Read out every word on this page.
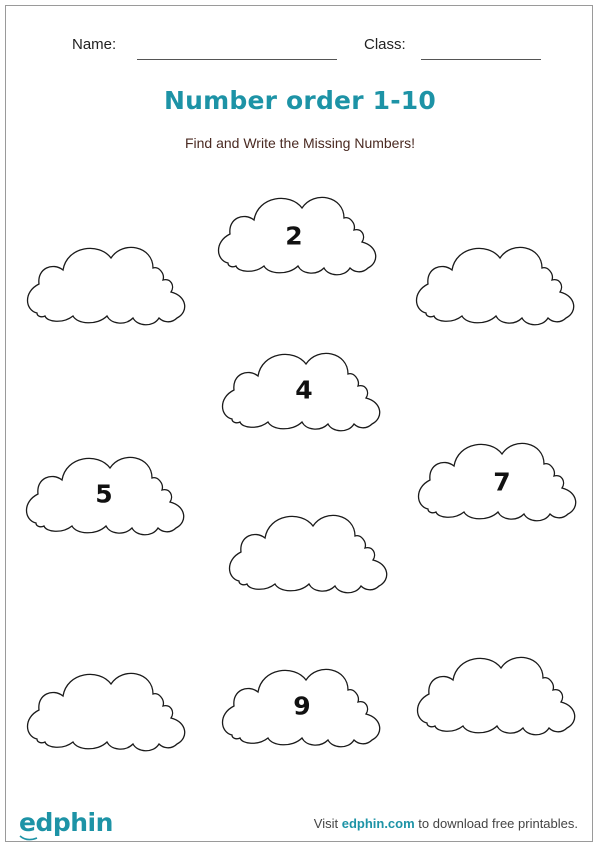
Name:	Class:
Number order 1-10
Find and Write the Missing Numbers!
2
4
5	7
9
edphin	Visit edphin.com to download free printables.
